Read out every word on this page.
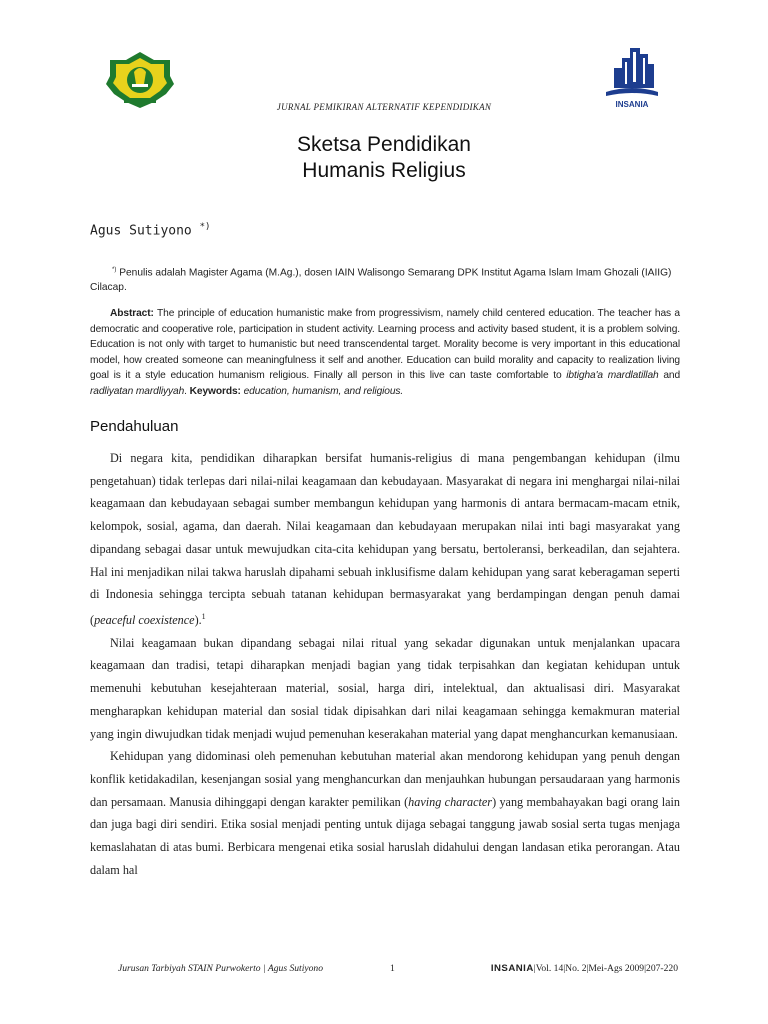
INSANIA
JURNAL PEMIKIRAN ALTERNATIF KEPENDIDIKAN
Sketsa Pendidikan
Humanis Religius
Agus Sutiyono *)
*) Penulis adalah Magister Agama (M.Ag.), dosen IAIN Walisongo Semarang DPK Institut Agama Islam Imam Ghozali (IAIIG) Cilacap.
Abstract: The principle of education humanistic make from progressivism, namely child centered education. The teacher has a democratic and cooperative role, participation in student activity. Learning process and activity based student, it is a problem solving. Education is not only with target to humanistic but need transcendental target. Morality become is very important in this educational model, how created someone can meaningfulness it self and another. Education can build morality and capacity to realization living goal is it a style education humanism religious. Finally all person in this live can taste comfortable to ibtigha'a mardlatillah and radliyatan mardliyyah. Keywords: education, humanism, and religious.
Pendahuluan

Di negara kita, pendidikan diharapkan bersifat humanis-religius di mana pengembangan kehidupan (ilmu pengetahuan) tidak terlepas dari nilai-nilai keagamaan dan kebudayaan. Masyarakat di negara ini menghargai nilai-nilai keagamaan dan kebudayaan sebagai sumber membangun kehidupan yang harmonis di antara bermacam-macam etnik, kelompok, sosial, agama, dan daerah. Nilai keagamaan dan kebudayaan merupakan nilai inti bagi masyarakat yang dipandang sebagai dasar untuk mewujudkan cita-cita kehidupan yang bersatu, bertoleransi, berkeadilan, dan sejahtera. Hal ini menjadikan nilai takwa haruslah dipahami sebuah inklusifisme dalam kehidupan yang sarat keberagaman seperti di Indonesia sehingga tercipta sebuah tatanan kehidupan bermasyarakat yang berdampingan dengan penuh damai (peaceful coexistence).$^1$

Nilai keagamaan bukan dipandang sebagai nilai ritual yang sekadar digunakan untuk menjalankan upacara keagamaan dan tradisi, tetapi diharapkan menjadi bagian yang tidak terpisahkan dan kegiatan kehidupan untuk memenuhi kebutuhan kesejahteraan material, sosial, harga diri, intelektual, dan aktualisasi diri. Masyarakat mengharapkan kehidupan material dan sosial tidak dipisahkan dari nilai keagamaan sehingga kemakmuran material yang ingin diwujudkan tidak menjadi wujud pemenuhan keserakahan material yang dapat menghancurkan kemanusiaan.

Kehidupan yang didominasi oleh pemenuhan kebutuhan material akan mendorong kehidupan yang penuh dengan konflik ketidakadilan, kesenjangan sosial yang menghancurkan dan menjauhkan hubungan persaudaraan yang harmonis dan persamaan. Manusia dihinggapi dengan karakter pemilikan (having character) yang membahayakan bagi orang lain dan juga bagi diri sendiri. Etika sosial menjadi penting untuk dijaga sebagai tanggung jawab sosial serta tugas menjaga kemaslahatan di atas bumi. Berbicara mengenai etika sosial haruslah didahului dengan landasan etika perorangan. Atau dalam hal

Jurusan Tarbiyah STAIN Purwokerto | Agus Sutiyono	1	INSANIA|Vol. 14|No. 2|Mei-Ags 2009|207-220
